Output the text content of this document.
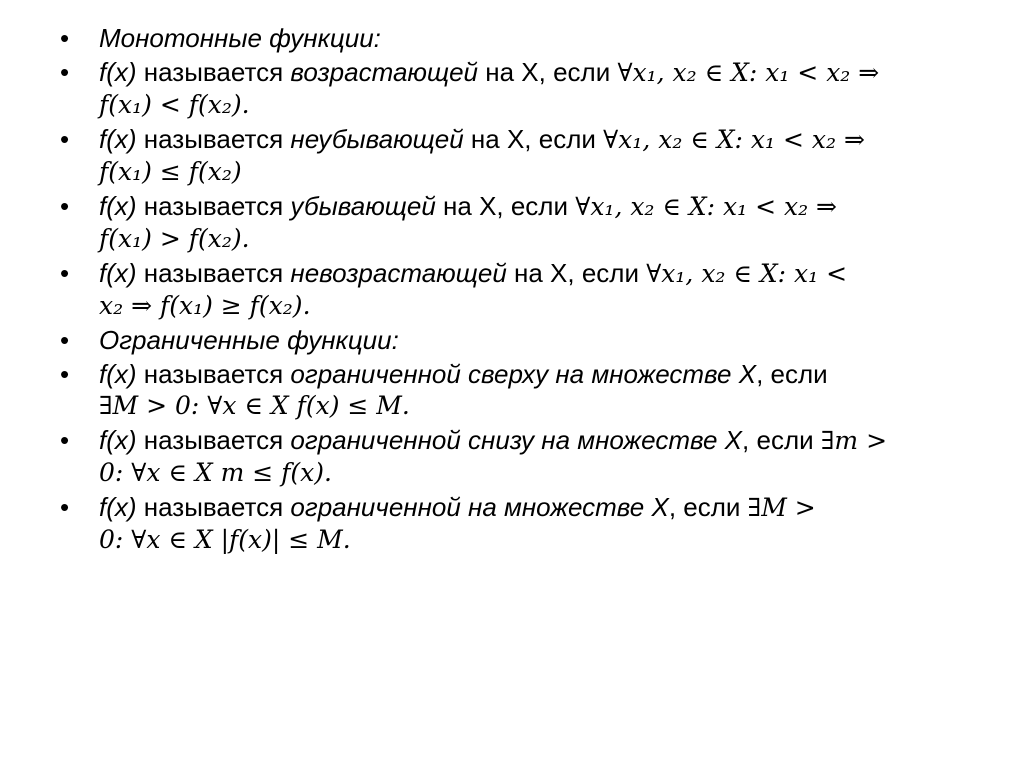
•	Монотонные функции:
•	f(x) называется возрастающей на X, если ∀x₁, x₂ ∈ X: x₁ < x₂ ⇒
f(x₁) < f(x₂).
•	f(x) называется неубывающей на X, если ∀x₁, x₂ ∈ X: x₁ < x₂ ⇒
f(x₁) ≤ f(x₂)
•	f(x) называется убывающей на X, если ∀x₁, x₂ ∈ X: x₁ < x₂ ⇒
f(x₁) > f(x₂).
•	f(x) называется невозрастающей на X, если ∀x₁, x₂ ∈ X: x₁ <
x₂ ⇒ f(x₁) ≥ f(x₂).
•	Ограниченные функции:
•	f(x) называется ограниченной сверху на множестве X, если
∃M > 0: ∀x ∈ X f(x) ≤ M.
•	f(x) называется ограниченной снизу на множестве X, если ∃m >
0: ∀x ∈ X m ≤ f(x).
•	f(x) называется ограниченной на множестве X, если ∃M >
0: ∀x ∈ X |f(x)| ≤ M.
